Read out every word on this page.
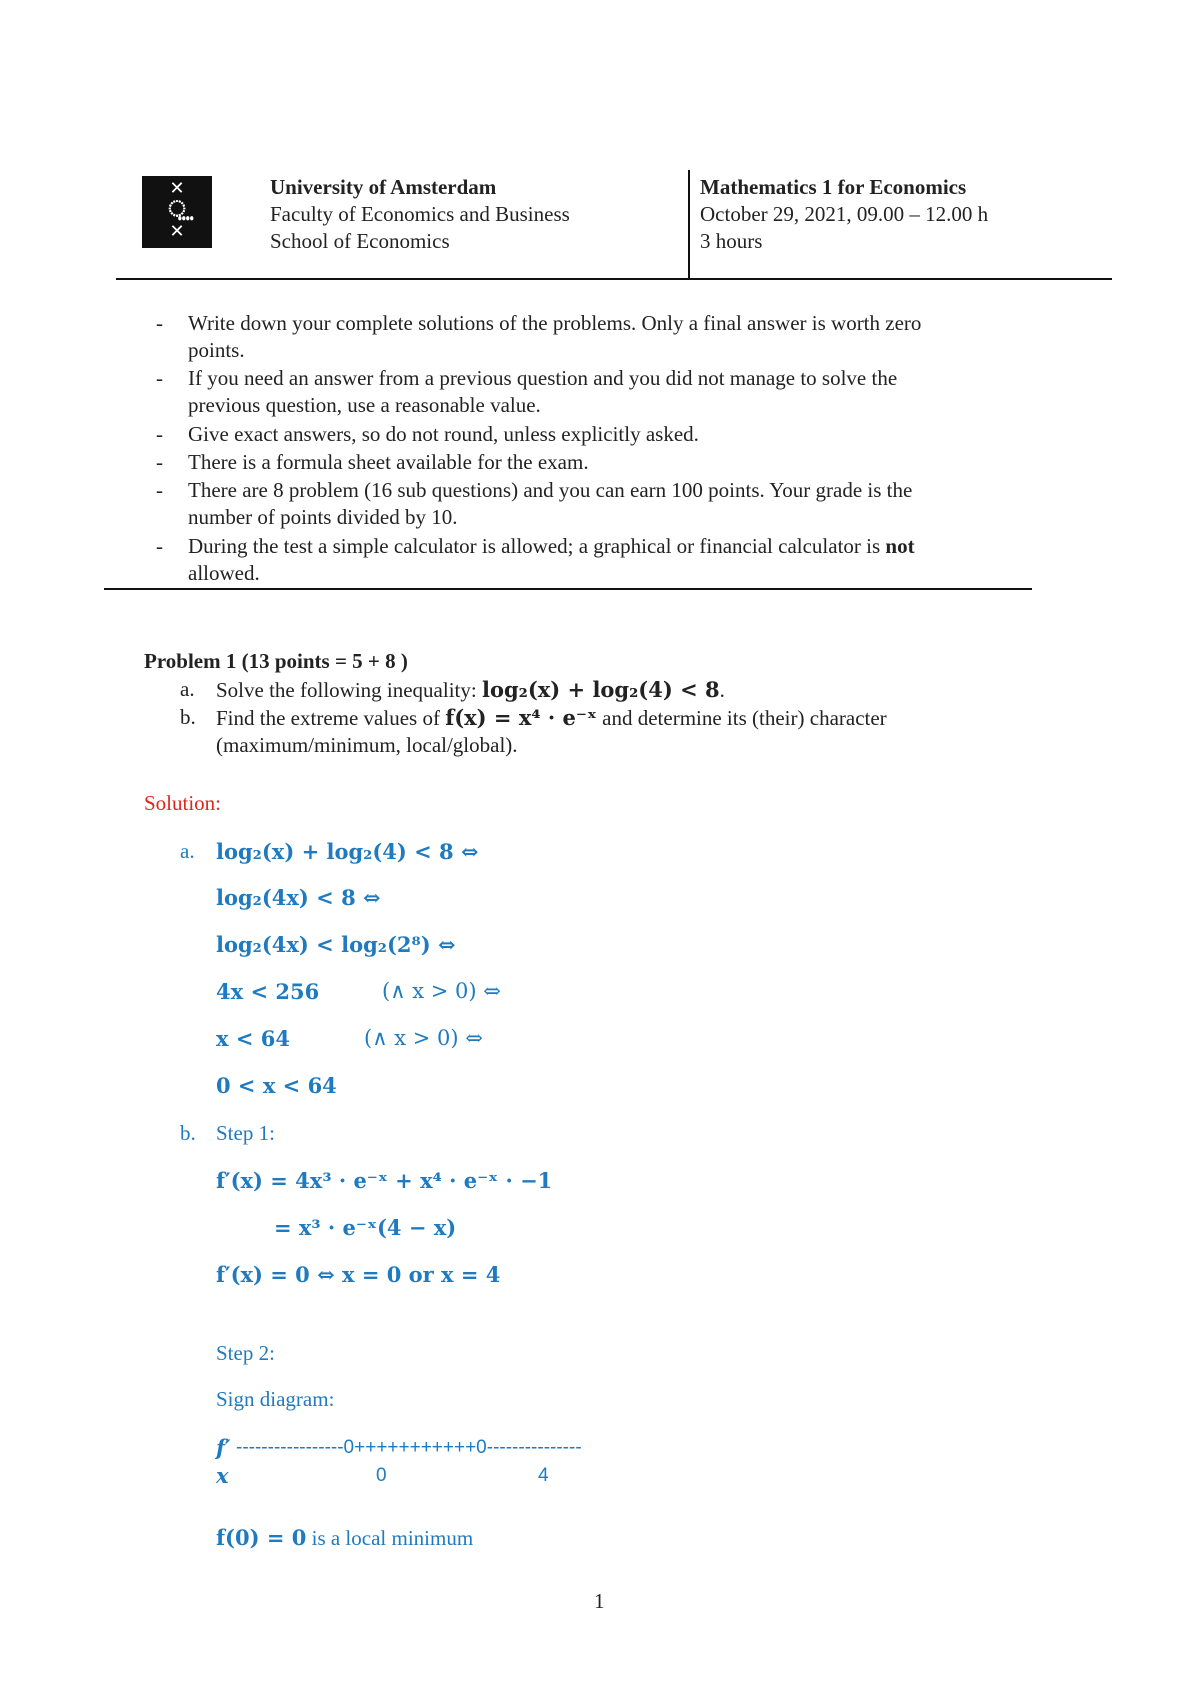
✕
⵿
✕
University of Amsterdam
Faculty of Economics and Business
School of Economics
Mathematics 1 for Economics
October 29, 2021, 09.00 – 12.00 h
3 hours
- Write down your complete solutions of the problems. Only a final answer is worth zero
points.
- If you need an answer from a previous question and you did not manage to solve the
previous question, use a reasonable value.
- Give exact answers, so do not round, unless explicitly asked.
- There is a formula sheet available for the exam.
- There are 8 problem (16 sub questions) and you can earn 100 points. Your grade is the
number of points divided by 10.
- During the test a simple calculator is allowed; a graphical or financial calculator is not
allowed.
Problem 1 (13 points = 5 + 8 )
a. Solve the following inequality: log₂(x) + log₂(4) < 8.
b. Find the extreme values of f(x) = x⁴ · e⁻ˣ and determine its (their) character
(maximum/minimum, local/global).
Solution:
a. log₂(x) + log₂(4) < 8 ⇔
log₂(4x) < 8 ⇔
log₂(4x) < log₂(2⁸) ⇔
4x < 256	(∧ x > 0) ⇔
x < 64	(∧ x > 0) ⇔
0 < x < 64
b. Step 1:
f′(x) = 4x³ · e⁻ˣ + x⁴ · e⁻ˣ · −1
= x³ · e⁻ˣ(4 − x)
f′(x) = 0 ⇔ x = 0 or x = 4
Step 2:
Sign diagram:
f′ -----------------0+++++++++++0---------------
x	0	4
f(0) = 0 is a local minimum
1
